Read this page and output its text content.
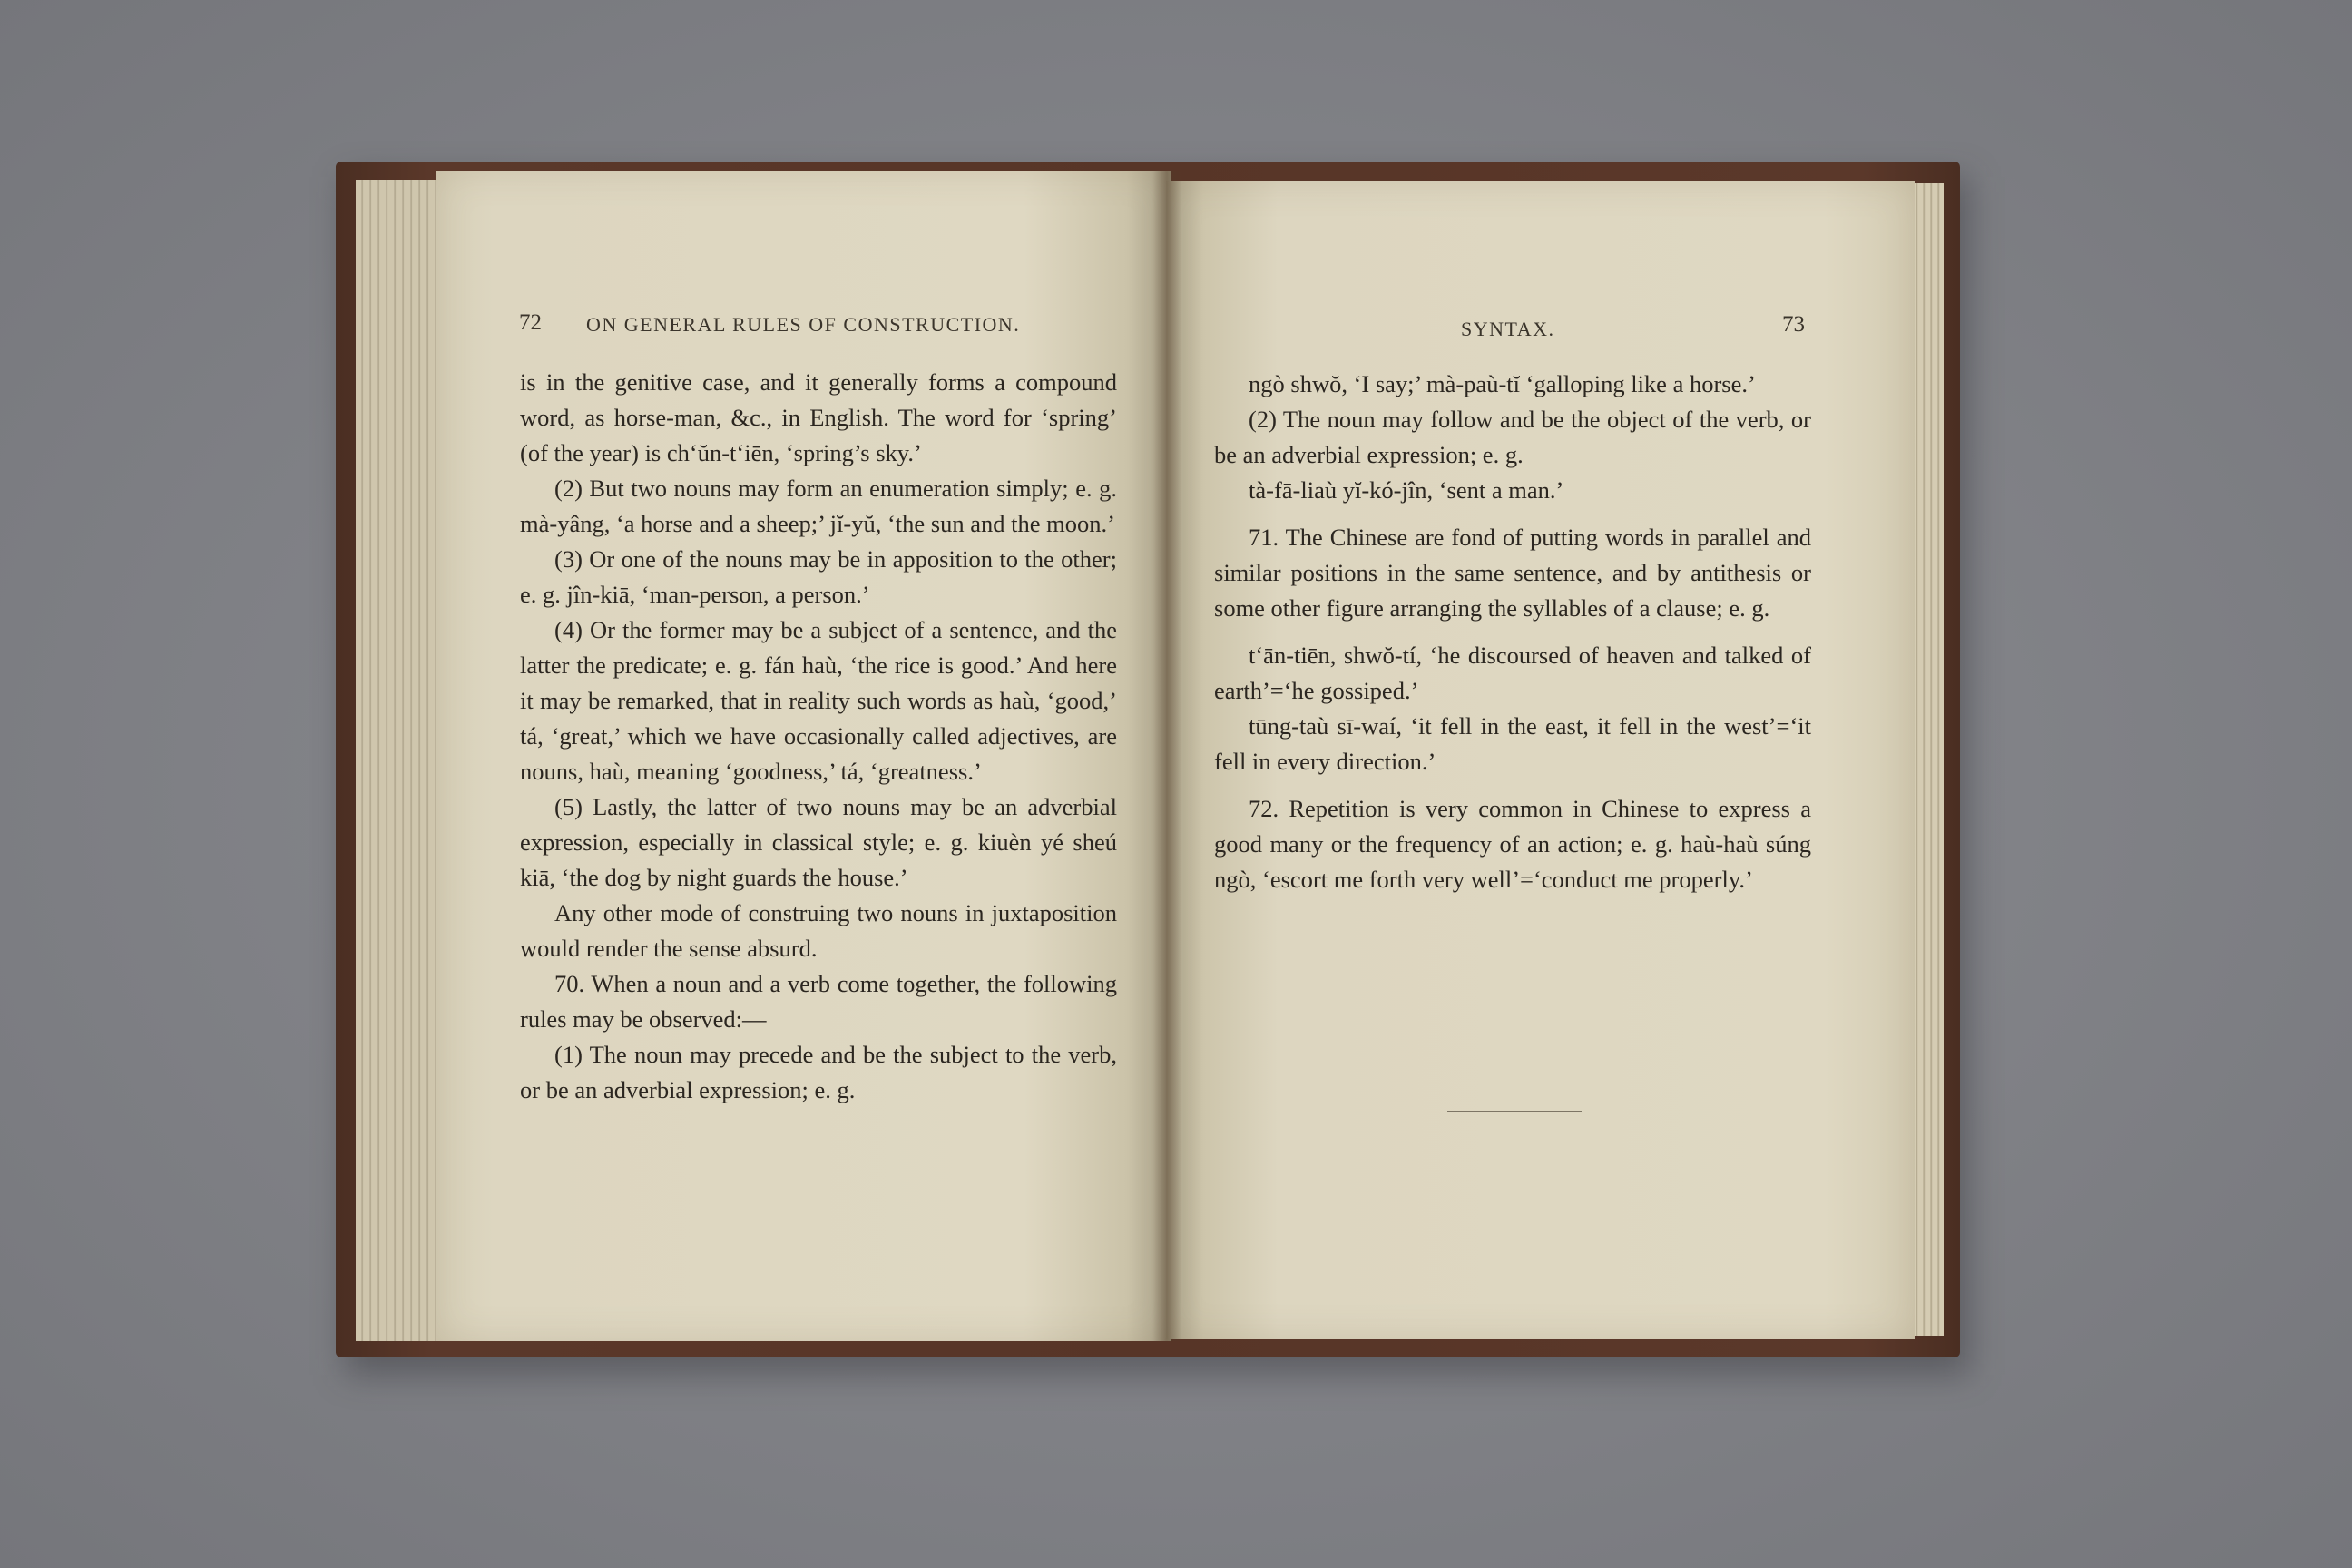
72 ON GENERAL RULES OF CONSTRUCTION.

is in the genitive case, and it generally forms a compound word, as horse-man, &c., in English. The word for ‘spring’ (of the year) is chʻŭn-tʻiēn, ‘spring’s sky.’

(2) But two nouns may form an enumeration simply; e. g. mà-yâng, ‘a horse and a sheep;’ jĭ-yŭ, ‘the sun and the moon.’

(3) Or one of the nouns may be in apposition to the other; e. g. jîn-kiā, ‘man-person, a person.’

(4) Or the former may be a subject of a sentence, and the latter the predicate; e. g. fán haù, ‘the rice is good.’ And here it may be remarked, that in reality such words as haù, ‘good,’ tá, ‘great,’ which we have occasionally called adjectives, are nouns, haù, meaning ‘goodness,’ tá, ‘greatness.’

(5) Lastly, the latter of two nouns may be an adverbial expression, especially in classical style; e. g. kiuèn yé sheú kiā, ‘the dog by night guards the house.’

Any other mode of construing two nouns in juxtaposition would render the sense absurd.

70. When a noun and a verb come together, the following rules may be observed:—

(1) The noun may precede and be the subject to the verb, or be an adverbial expression; e. g.

SYNTAX.	73

ngò shwŏ, ‘I say;’ mà-paù-tĭ ‘galloping like a horse.’

(2) The noun may follow and be the object of the verb, or be an adverbial expression; e. g.

tà-fā-liaù yĭ-kó-jîn, ‘sent a man.’

71. The Chinese are fond of putting words in parallel and similar positions in the same sentence, and by antithesis or some other figure arranging the syllables of a clause; e. g.

tʻān-tiēn, shwŏ-tí, ‘he discoursed of heaven and talked of earth’=‘he gossiped.’

tūng-taù sī-waí, ‘it fell in the east, it fell in the west’=‘it fell in every direction.’

72. Repetition is very common in Chinese to express a good many or the frequency of an action; e. g. haù-haù súng ngò, ‘escort me forth very well’=‘conduct me properly.’
